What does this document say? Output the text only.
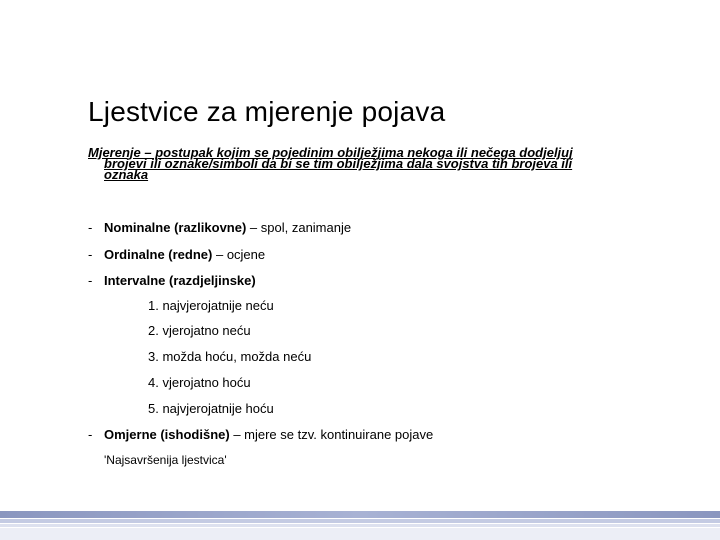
Ljestvice za mjerenje pojava
Mjerenje – postupak kojim se pojedinim obilježjima nekoga ili nečega dodjeljuj
brojevi ili oznake/simboli da bi se tim obilježjima dala svojstva tih brojeva ili
oznaka
- Nominalne (razlikovne) – spol, zanimanje
- Ordinalne (redne) – ocjene
- Intervalne (razdjeljinske)
1. najvjerojatnije neću
2. vjerojatno neću
3. možda hoću, možda neću
4. vjerojatno hoću
5. najvjerojatnije hoću
- Omjerne (ishodišne) – mjere se tzv. kontinuirane pojave
'Najsavršenija ljestvica'
